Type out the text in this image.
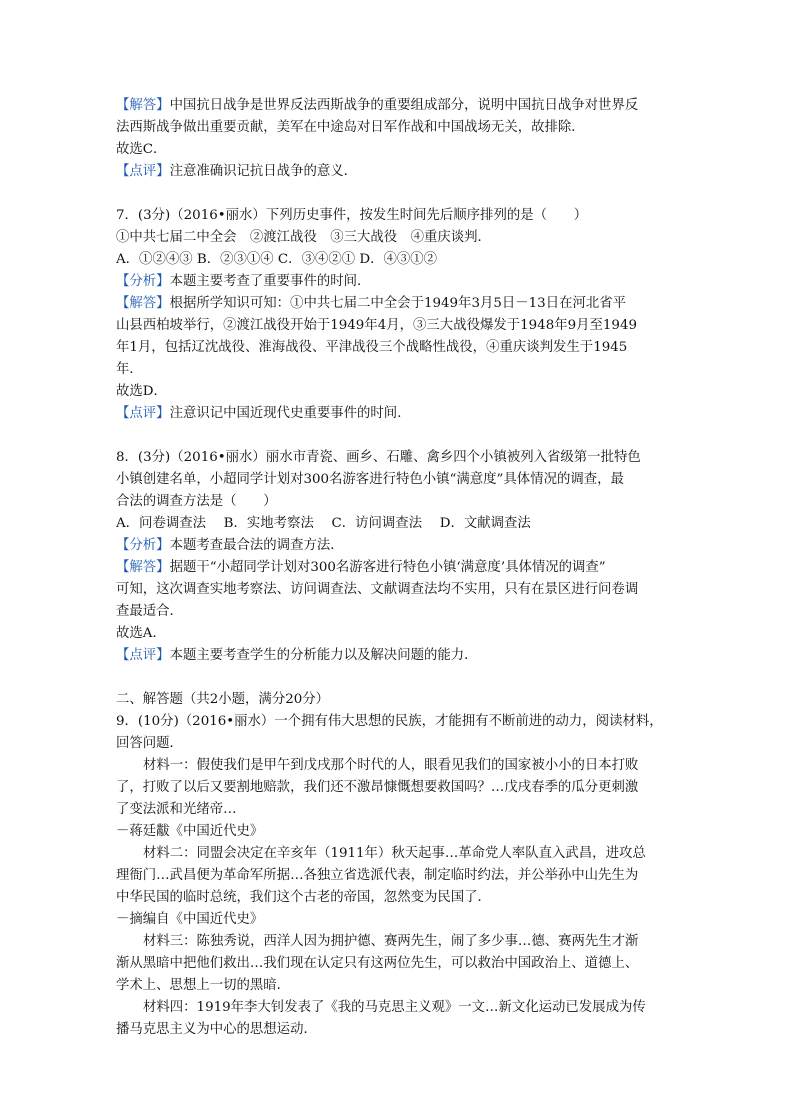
【解答】中国抗日战争是世界反法西斯战争的重要组成部分，说明中国抗日战争对世界反
法西斯战争做出重要贡献，美军在中途岛对日军作战和中国战场无关，故排除．
故选C．
【点评】注意准确识记抗日战争的意义．
7．(3分)（2016•丽水）下列历史事件，按发生时间先后顺序排列的是（　　）
①中共七届二中全会　②渡江战役　③三大战役　④重庆谈判．
A．①②④③ B．②③①④ C．③④②① D．④③①②
【分析】本题主要考查了重要事件的时间．
【解答】根据所学知识可知：①中共七届二中全会于1949年3月5日－13日在河北省平
山县西柏坡举行，②渡江战役开始于1949年4月，③三大战役爆发于1948年9月至1949
年1月，包括辽沈战役、淮海战役、平津战役三个战略性战役，④重庆谈判发生于1945
年．
故选D．
【点评】注意识记中国近现代史重要事件的时间．
8．(3分)（2016•丽水）丽水市青瓷、画乡、石雕、禽乡四个小镇被列入省级第一批特色
小镇创建名单，小超同学计划对300名游客进行特色小镇“满意度”具体情况的调查，最
合法的调查方法是（　　）
A．问卷调查法　 B．实地考察法　 C．访问调查法　 D．文献调查法
【分析】本题考查最合法的调查方法．
【解答】据题干“小超同学计划对300名游客进行特色小镇‘满意度’具体情况的调查”
可知，这次调查实地考察法、访问调查法、文献调查法均不实用，只有在景区进行问卷调
查最适合．
故选A．
【点评】本题主要考查学生的分析能力以及解决问题的能力．
二、解答题（共2小题，满分20分）
9．(10分)（2016•丽水）一个拥有伟大思想的民族，才能拥有不断前进的动力，阅读材料，
回答问题．
材料一：假使我们是甲午到戊戌那个时代的人，眼看见我们的国家被小小的日本打败
了，打败了以后又要割地赔款，我们还不激昂慷慨想要救国吗？…戊戌春季的瓜分更刺激
了变法派和光绪帝…
－蒋廷黻《中国近代史》
材料二：同盟会决定在辛亥年（1911年）秋天起事…革命党人率队直入武昌，进攻总
理衙门…武昌便为革命军所据…各独立省选派代表，制定临时约法，并公举孙中山先生为
中华民国的临时总统，我们这个古老的帝国，忽然变为民国了．
－摘编自《中国近代史》
材料三：陈独秀说，西洋人因为拥护德、赛两先生，闹了多少事…德、赛两先生才渐
渐从黑暗中把他们救出…我们现在认定只有这两位先生，可以救治中国政治上、道德上、
学术上、思想上一切的黑暗．
材料四：1919年李大钊发表了《我的马克思主义观》一文…新文化运动已发展成为传
播马克思主义为中心的思想运动．
